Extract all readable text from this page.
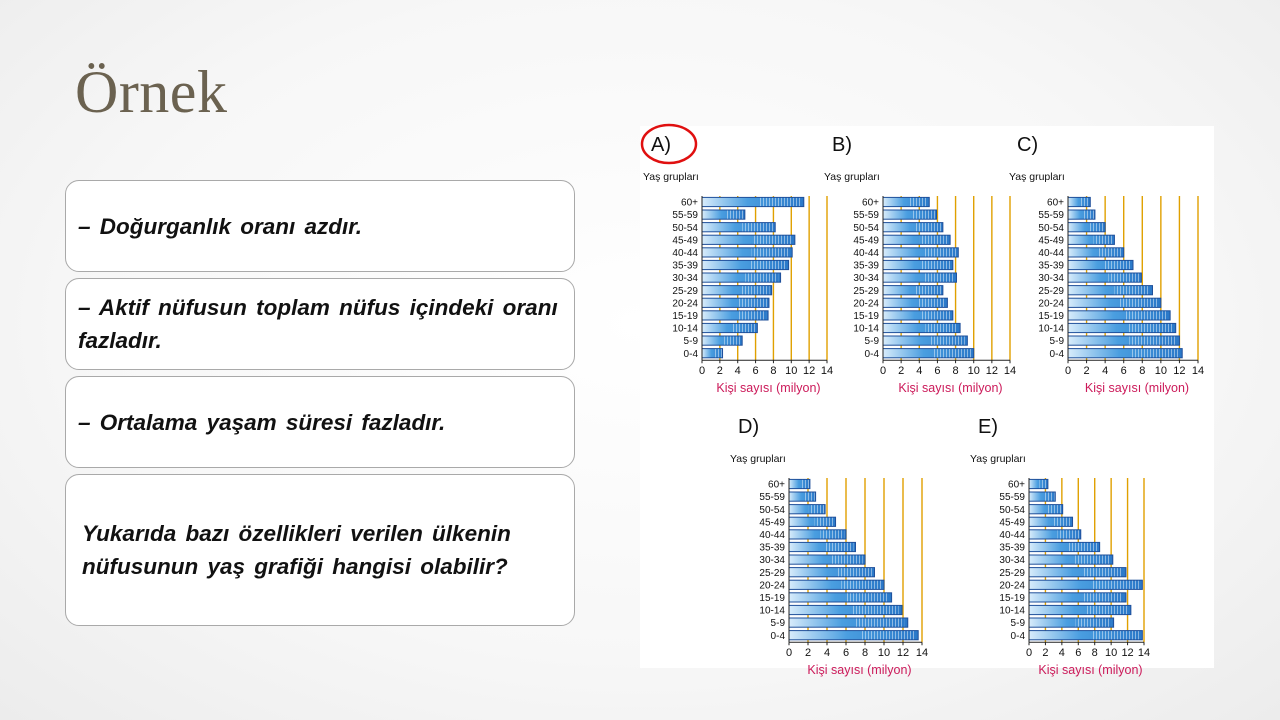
Örnek
– Doğurganlık oranı azdır.
– Aktif nüfusun toplam nüfus içindeki oranı fazladır.
– Ortalama yaşam süresi fazladır.
Yukarıda bazı özellikleri verilen ülkenin nüfusunun yaş grafiği hangisi olabilir?
A)
Yaş grupları
60+
55-59
50-54
45-49
40-44
35-39
30-34
25-29
20-24
15-19
10-14
5-9
0-4
0 2 4 6 8 10 12 14
Kişi sayısı (milyon)
B)
Yaş grupları
60+
55-59
50-54
45-49
40-44
35-39
30-34
25-29
20-24
15-19
10-14
5-9
0-4
0 2 4 6 8 10 12 14
Kişi sayısı (milyon)
C)
Yaş grupları
60+
55-59
50-54
45-49
40-44
35-39
30-34
25-29
20-24
15-19
10-14
5-9
0-4
0 2 4 6 8 10 12 14
Kişi sayısı (milyon)
D)
Yaş grupları
60+
55-59
50-54
45-49
40-44
35-39
30-34
25-29
20-24
15-19
10-14
5-9
0-4
0 2 4 6 8 10 12 14
Kişi sayısı (milyon)
E)
Yaş grupları
60+
55-59
50-54
45-49
40-44
35-39
30-34
25-29
20-24
15-19
10-14
5-9
0-4
0 2 4 6 8 10 12 14
Kişi sayısı (milyon)
